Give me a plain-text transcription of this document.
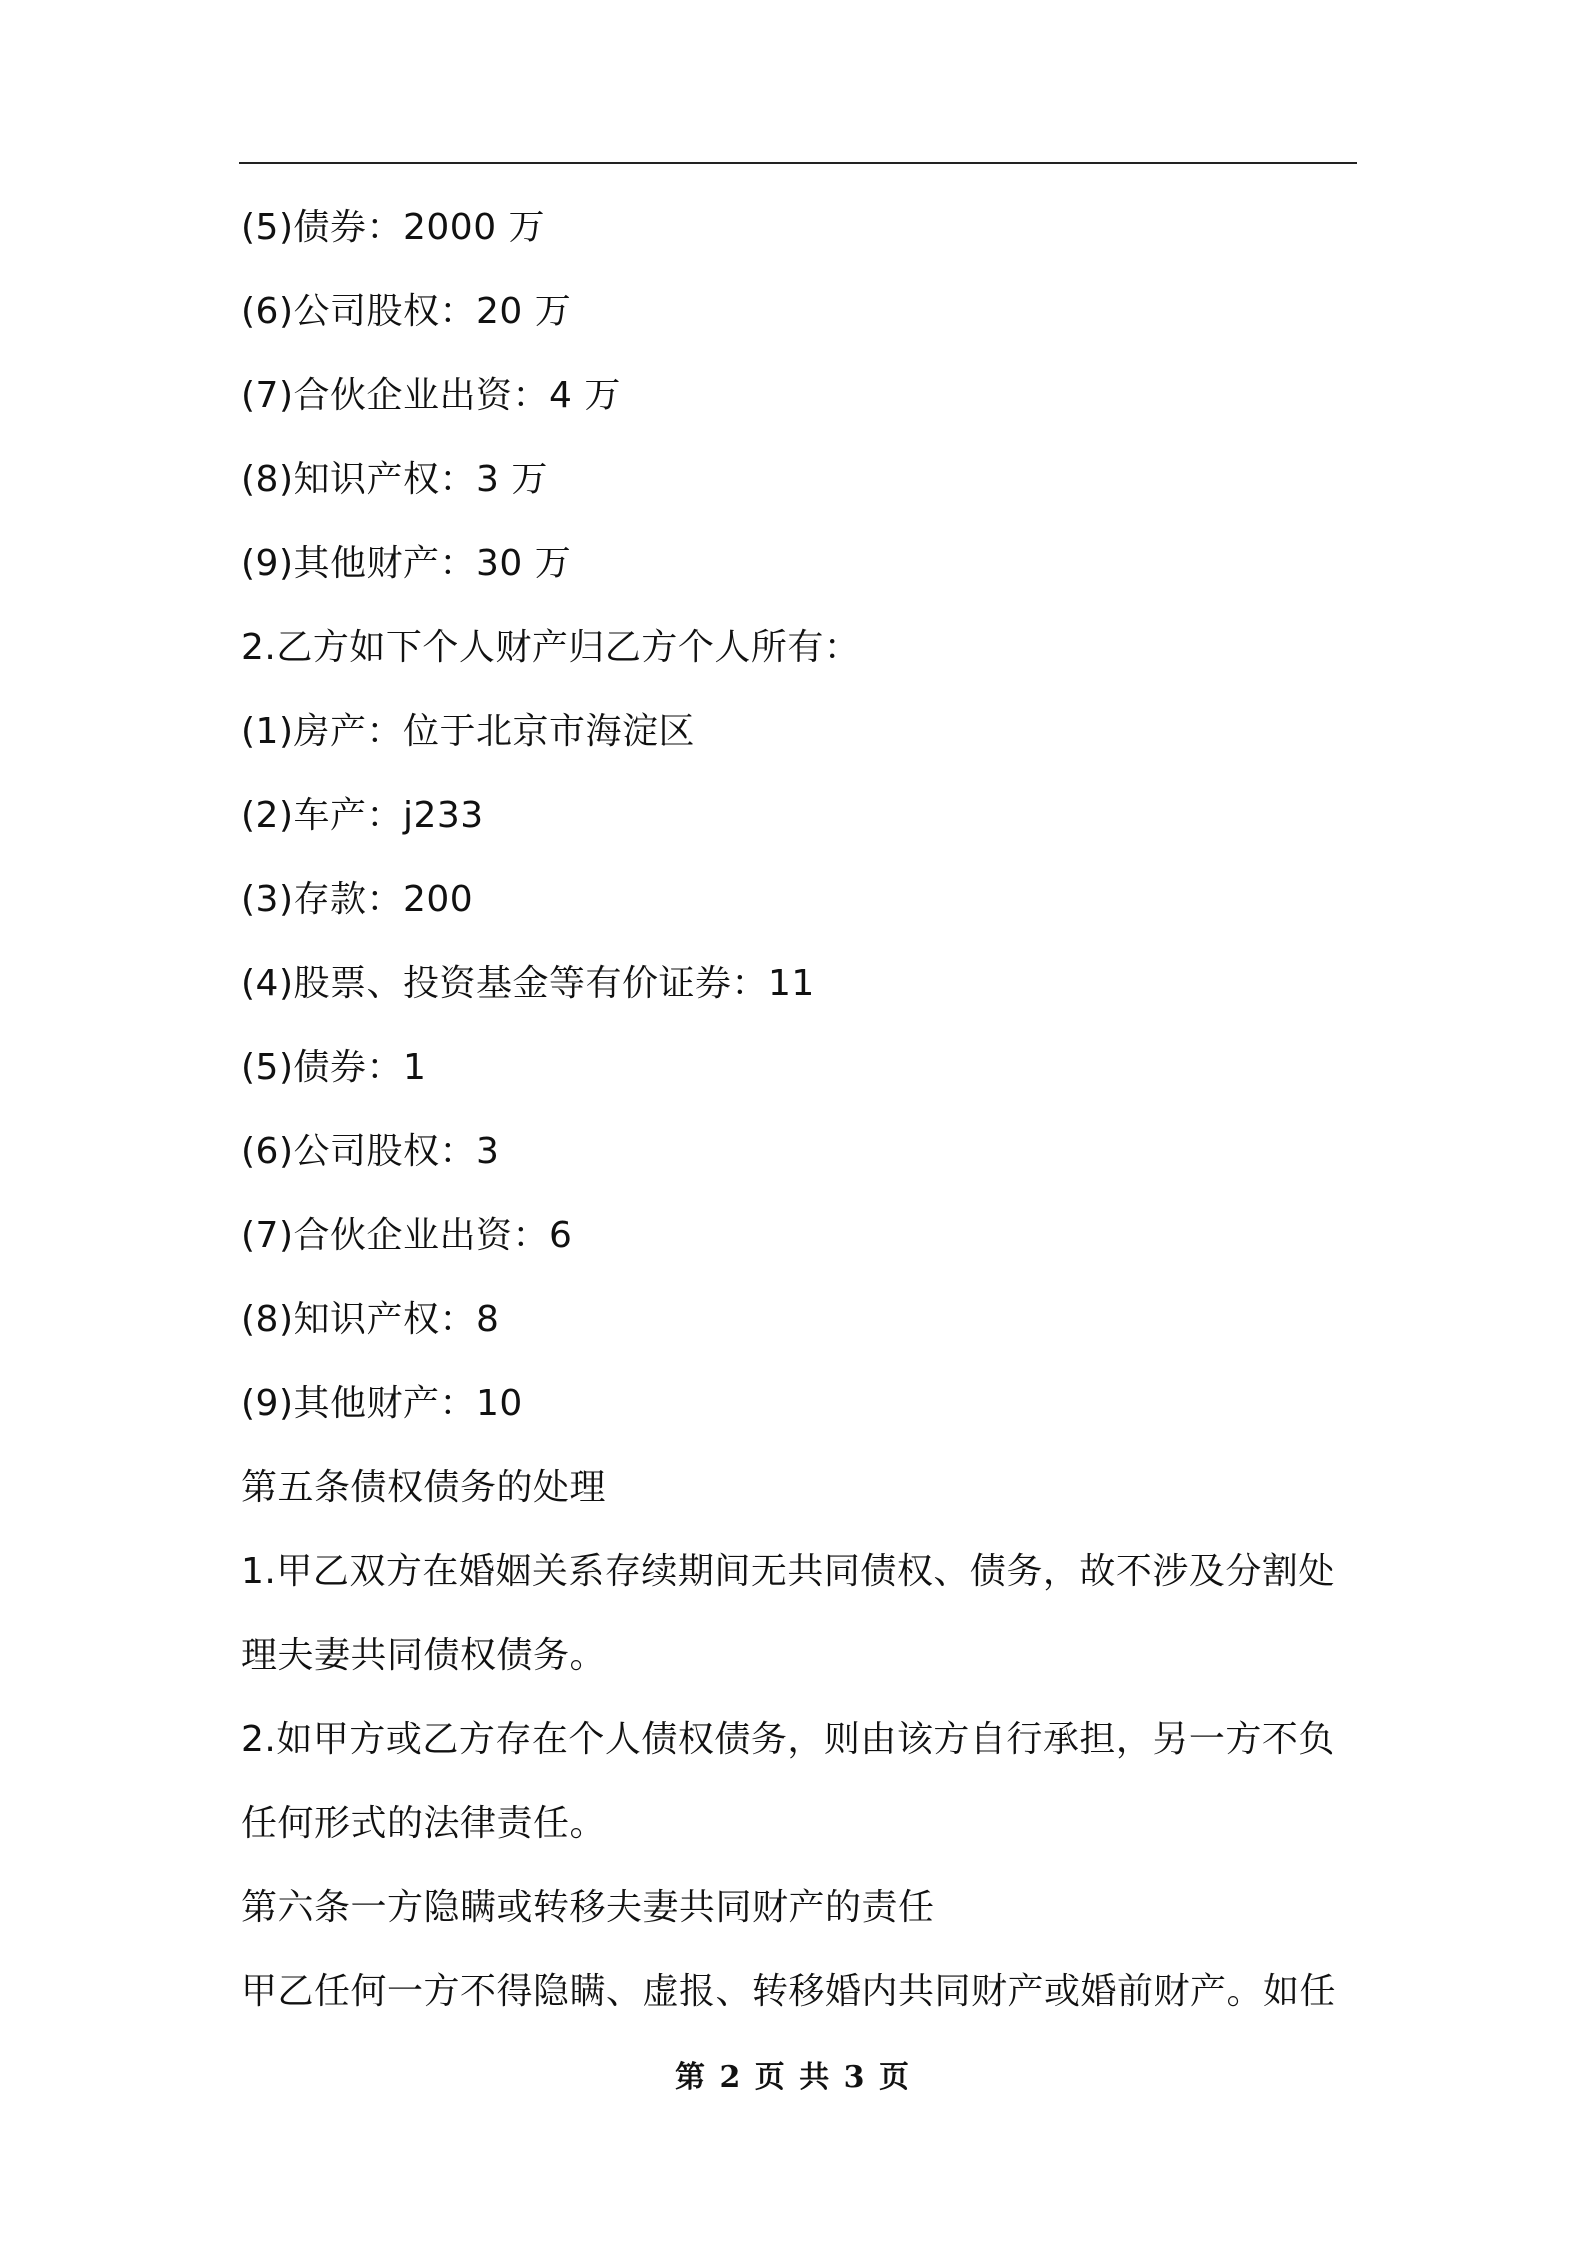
(5)债券：2000 万
(6)公司股权：20 万
(7)合伙企业出资：4 万
(8)知识产权：3 万
(9)其他财产：30 万
2.乙方如下个人财产归乙方个人所有：
(1)房产：位于北京市海淀区
(2)车产：j233
(3)存款：200
(4)股票、投资基金等有价证券：11
(5)债券：1
(6)公司股权：3
(7)合伙企业出资：6
(8)知识产权：8
(9)其他财产：10
第五条债权债务的处理
1.甲乙双方在婚姻关系存续期间无共同债权、债务，故不涉及分割处
理夫妻共同债权债务。
2.如甲方或乙方存在个人债权债务，则由该方自行承担，另一方不负
任何形式的法律责任。
第六条一方隐瞒或转移夫妻共同财产的责任
甲乙任何一方不得隐瞒、虚报、转移婚内共同财产或婚前财产。如任
第 2 页 共 3 页
